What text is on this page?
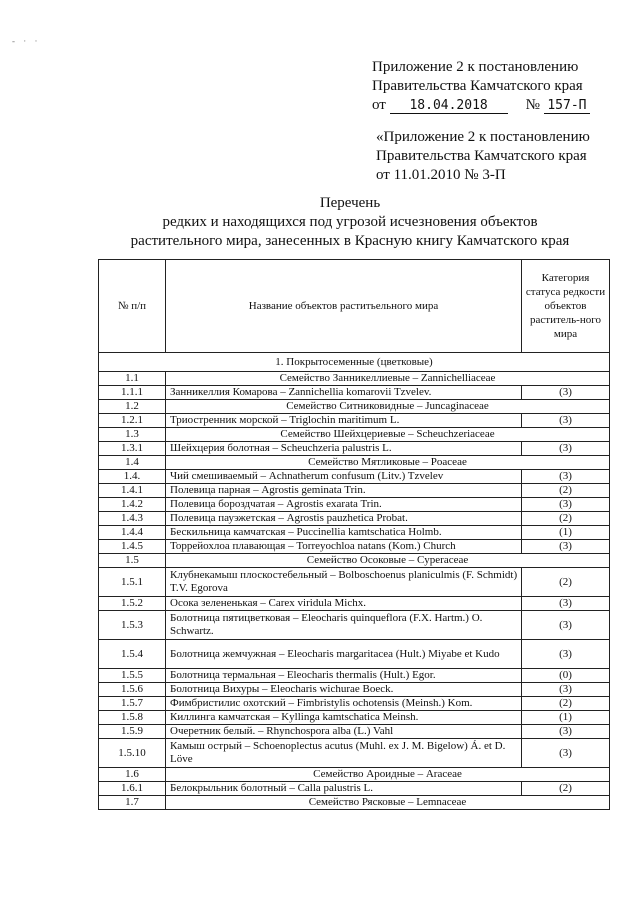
- · ·
Приложение 2 к постановлению
Правительства Камчатского края
от 18.04.2018	№ 157-П
«Приложение 2 к постановлению
Правительства Камчатского края
от 11.01.2010 № 3-П
Перечень
редких и находящихся под угрозой исчезновения объектов
растительного мира, занесенных в Красную книгу Камчатского края
№ п/п	Название объектов раститьельного мира	Категория статуса редкости объектов раститель-ного мира
1. Покрытосеменные (цветковые)		
1.1	Семейство Занникеллиевые – Zannichelliaceae	
1.1.1	Занникеллия Комарова – Zannichellia komarovii Tzvelev.	(3)
1.2	Семейство Ситниковидные – Juncaginaceae	
1.2.1	Триостренник морской – Triglochin maritimum L.	(3)
1.3	Семейство Шейхцериевые – Scheuchzeriaceae	
1.3.1	Шейхцерия болотная – Scheuchzeria palustris L.	(3)
1.4	Семейство Мятликовые – Poaceae	
1.4.	Чий смешиваемый – Achnatherum confusum (Litv.) Tzvelev	(3)
1.4.1	Полевица парная – Agrostis geminata Trin.	(2)
1.4.2	Полевица бороздчатая – Agrostis exarata Trin.	(3)
1.4.3	Полевица пауэжетская – Agrostis pauzhetica Probat.	(2)
1.4.4	Бескильница камчатская – Puccinellia kamtschatica Holmb.	(1)
1.4.5	Торрейохлоа плавающая – Torreyochloa natans (Kom.) Church	(3)
1.5	Семейство Осоковые – Cyperaceae	
1.5.1	Клубнекамыш плоскостебельный – Bolboschoenus planiculmis (F. Schmidt) T.V. Egorova	(2)
1.5.2	Осока зелененькая – Carex viridula Michx.	(3)
1.5.3	Болотница пятицветковая – Eleocharis quinqueflora (F.X. Hartm.) O. Schwartz.	(3)
1.5.4	Болотница жемчужная – Eleocharis margaritacea (Hult.) Miyabe et Kudo	(3)
1.5.5	Болотница термальная – Eleocharis thermalis (Hult.) Egor.	(0)
1.5.6	Болотница Вихуры – Eleocharis wichurae Boeck.	(3)
1.5.7	Фимбристилис охотский – Fimbristylis ochotensis (Meinsh.) Kom.	(2)
1.5.8	Киллинга камчатская – Kyllinga kamtschatica Meinsh.	(1)
1.5.9	Очеретник белый. – Rhynchospora alba (L.) Vahl	(3)
1.5.10	Камыш острый – Schoenoplectus acutus (Muhl. ex J. M. Bigelow) Á. et D. Löve	(3)
1.6	Семейство Ароидные – Araceae	
1.6.1	Белокрыльник болотный – Calla palustris L.	(2)
1.7	Семейство Рясковые – Lemnaceae	
